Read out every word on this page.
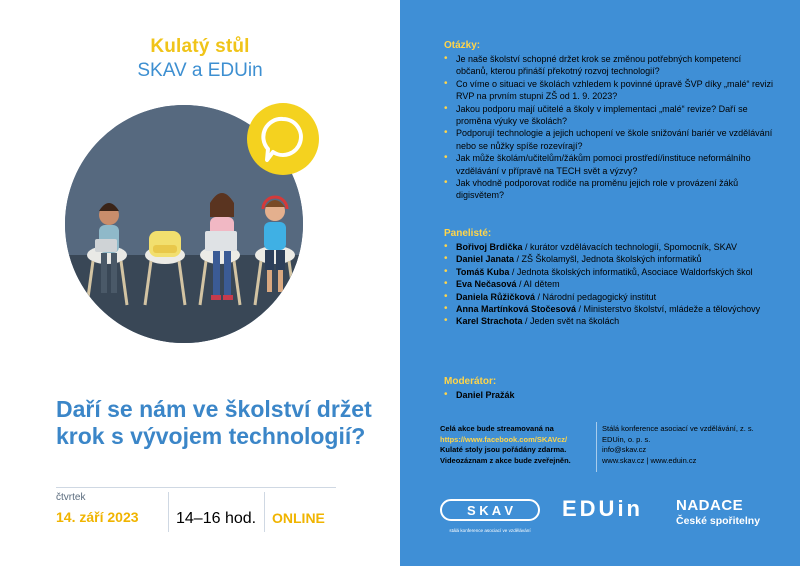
Kulatý stůl
SKAV a EDUin
Daří se nám ve školství držet krok s vývojem technologií?
čtvrtek
14. září 2023	14–16 hod.	ONLINE
Otázky:
• Je naše školství schopné držet krok se změnou potřebných kompetencí občanů, kterou přináší překotný rozvoj technologií?
• Co víme o situaci ve školách vzhledem k povinné úpravě ŠVP díky „malé“ revizi RVP na prvním stupni ZŠ od 1. 9. 2023?
• Jakou podporu mají učitelé a školy v implementaci „malé“ revize? Daří se proměna výuky ve školách?
• Podporují technologie a jejich uchopení ve škole snižování bariér ve vzdělávání nebo se nůžky spíše rozevírají?
• Jak může školám/učitelům/žákům pomoci prostředí/instituce neformálního vzdělávání v přípravě na TECH svět a výzvy?
• Jak vhodně podporovat rodiče na proměnu jejich role v provázení žáků digisvětem?
Panelisté:
• Bořivoj Brdička / kurátor vzdělávacích technologií, Spomocník, SKAV
• Daniel Janata / ZŠ Školamyšl, Jednota školských informatiků
• Tomáš Kuba / Jednota školských informatiků, Asociace Waldorfských škol
• Eva Nečasová / AI dětem
• Daniela Růžičková / Národní pedagogický institut
• Anna Martínková Stočesová / Ministerstvo školství, mládeže a tělovýchovy
• Karel Strachota / Jeden svět na školách
Moderátor:
• Daniel Pražák
Celá akce bude streamovaná na
https://www.facebook.com/SKAVcz/
Kulaté stoly jsou pořádány zdarma.
Videozáznam z akce bude zveřejněn.
Stálá konference asociací ve vzdělávání, z. s.
EDUin, o. p. s.
info@skav.cz
www.skav.cz | www.eduin.cz
S K A V
stálá konference asociací ve vzdělávání
EDUin	NADACE
České spořitelny
